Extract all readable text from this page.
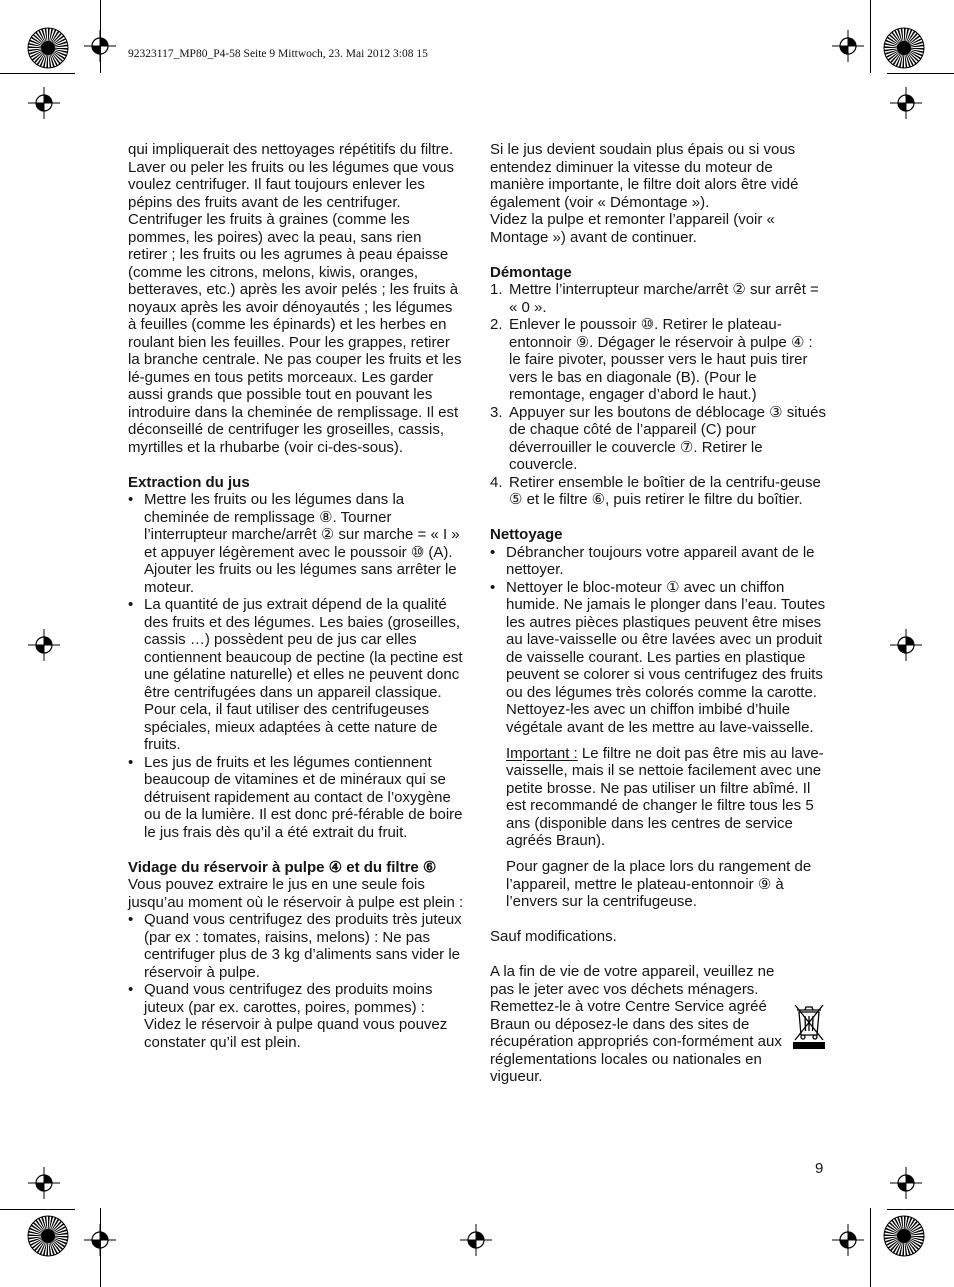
92323117_MP80_P4-58 Seite 9 Mittwoch, 23. Mai 2012 3:08 15

qui impliquerait des nettoyages répétitifs du filtre. Laver ou peler les fruits ou les légumes que vous voulez centrifuger. Il faut toujours enlever les pépins des fruits avant de les centrifuger. Centrifuger les fruits à graines (comme les pommes, les poires) avec la peau, sans rien retirer ; les fruits ou les agrumes à peau épaisse (comme les citrons, melons, kiwis, oranges, betteraves, etc.) après les avoir pelés ; les fruits à noyaux après les avoir dénoyautés ; les légumes à feuilles (comme les épinards) et les herbes en roulant bien les feuilles. Pour les grappes, retirer la branche centrale. Ne pas couper les fruits et les lé-gumes en tous petits morceaux. Les garder aussi grands que possible tout en pouvant les introduire dans la cheminée de remplissage. Il est déconseillé de centrifuger les groseilles, cassis, myrtilles et la rhubarbe (voir ci-des-sous).

Extraction du jus
• Mettre les fruits ou les légumes dans la cheminée de remplissage ⑧. Tourner l’interrupteur marche/arrêt ② sur marche = « I » et appuyer légèrement avec le poussoir ⑩ (A). Ajouter les fruits ou les légumes sans arrêter le moteur.
• La quantité de jus extrait dépend de la qualité des fruits et des légumes. Les baies (groseilles, cassis …) possèdent peu de jus car elles contiennent beaucoup de pectine (la pectine est une gélatine naturelle) et elles ne peuvent donc être centrifugées dans un appareil classique. Pour cela, il faut utiliser des centrifugeuses spéciales, mieux adaptées à cette nature de fruits.
• Les jus de fruits et les légumes contiennent beaucoup de vitamines et de minéraux qui se détruisent rapidement au contact de l’oxygène ou de la lumière. Il est donc pré-férable de boire le jus frais dès qu’il a été extrait du fruit.
Vidage du réservoir à pulpe ④ et du filtre ⑥

Vous pouvez extraire le jus en une seule fois jusqu’au moment où le réservoir à pulpe est plein :

• Quand vous centrifugez des produits très juteux (par ex : tomates, raisins, melons) : Ne pas centrifuger plus de 3 kg d’aliments sans vider le réservoir à pulpe.
• Quand vous centrifugez des produits moins juteux (par ex. carottes, poires, pommes) : Videz le réservoir à pulpe quand vous pouvez constater qu’il est plein.

Si le jus devient soudain plus épais ou si vous entendez diminuer la vitesse du moteur de manière importante, le filtre doit alors être vidé également (voir « Démontage »).

Videz la pulpe et remonter l’appareil (voir « Montage ») avant de continuer.

Démontage
1. Mettre l’interrupteur marche/arrêt ② sur arrêt = « 0 ».
2. Enlever le poussoir ⑩. Retirer le plateau-entonnoir ⑨. Dégager le réservoir à pulpe ④ : le faire pivoter, pousser vers le haut puis tirer vers le bas en diagonale (B). (Pour le remontage, engager d’abord le haut.)
3. Appuyer sur les boutons de déblocage ③ situés de chaque côté de l’appareil (C) pour déverrouiller le couvercle ⑦. Retirer le couvercle.
4. Retirer ensemble le boîtier de la centrifu-geuse ⑤ et le filtre ⑥, puis retirer le filtre du boîtier.
Nettoyage
• Débrancher toujours votre appareil avant de le nettoyer.
• Nettoyer le bloc-moteur ① avec un chiffon humide. Ne jamais le plonger dans l’eau. Toutes les autres pièces plastiques peuvent être mises au lave-vaisselle ou être lavées avec un produit de vaisselle courant. Les parties en plastique peuvent se colorer si vous centrifugez des fruits ou des légumes très colorés comme la carotte. Nettoyez-les avec un chiffon imbibé d’huile végétale avant de les mettre au lave-vaisselle.

Important : Le filtre ne doit pas être mis au lave-vaisselle, mais il se nettoie facilement avec une petite brosse. Ne pas utiliser un filtre abîmé. Il est recommandé de changer le filtre tous les 5 ans (disponible dans les centres de service agréés Braun).

Pour gagner de la place lors du rangement de l’appareil, mettre le plateau-entonnoir ⑨ à l’envers sur la centrifugeuse.

Sauf modifications.

A la fin de vie de votre appareil, veuillez ne pas le jeter avec vos déchets ménagers. Remettez-le à votre Centre Service agréé Braun ou déposez-le dans des sites de récupération appropriés con-formément aux réglementations locales ou nationales en vigueur.

9
